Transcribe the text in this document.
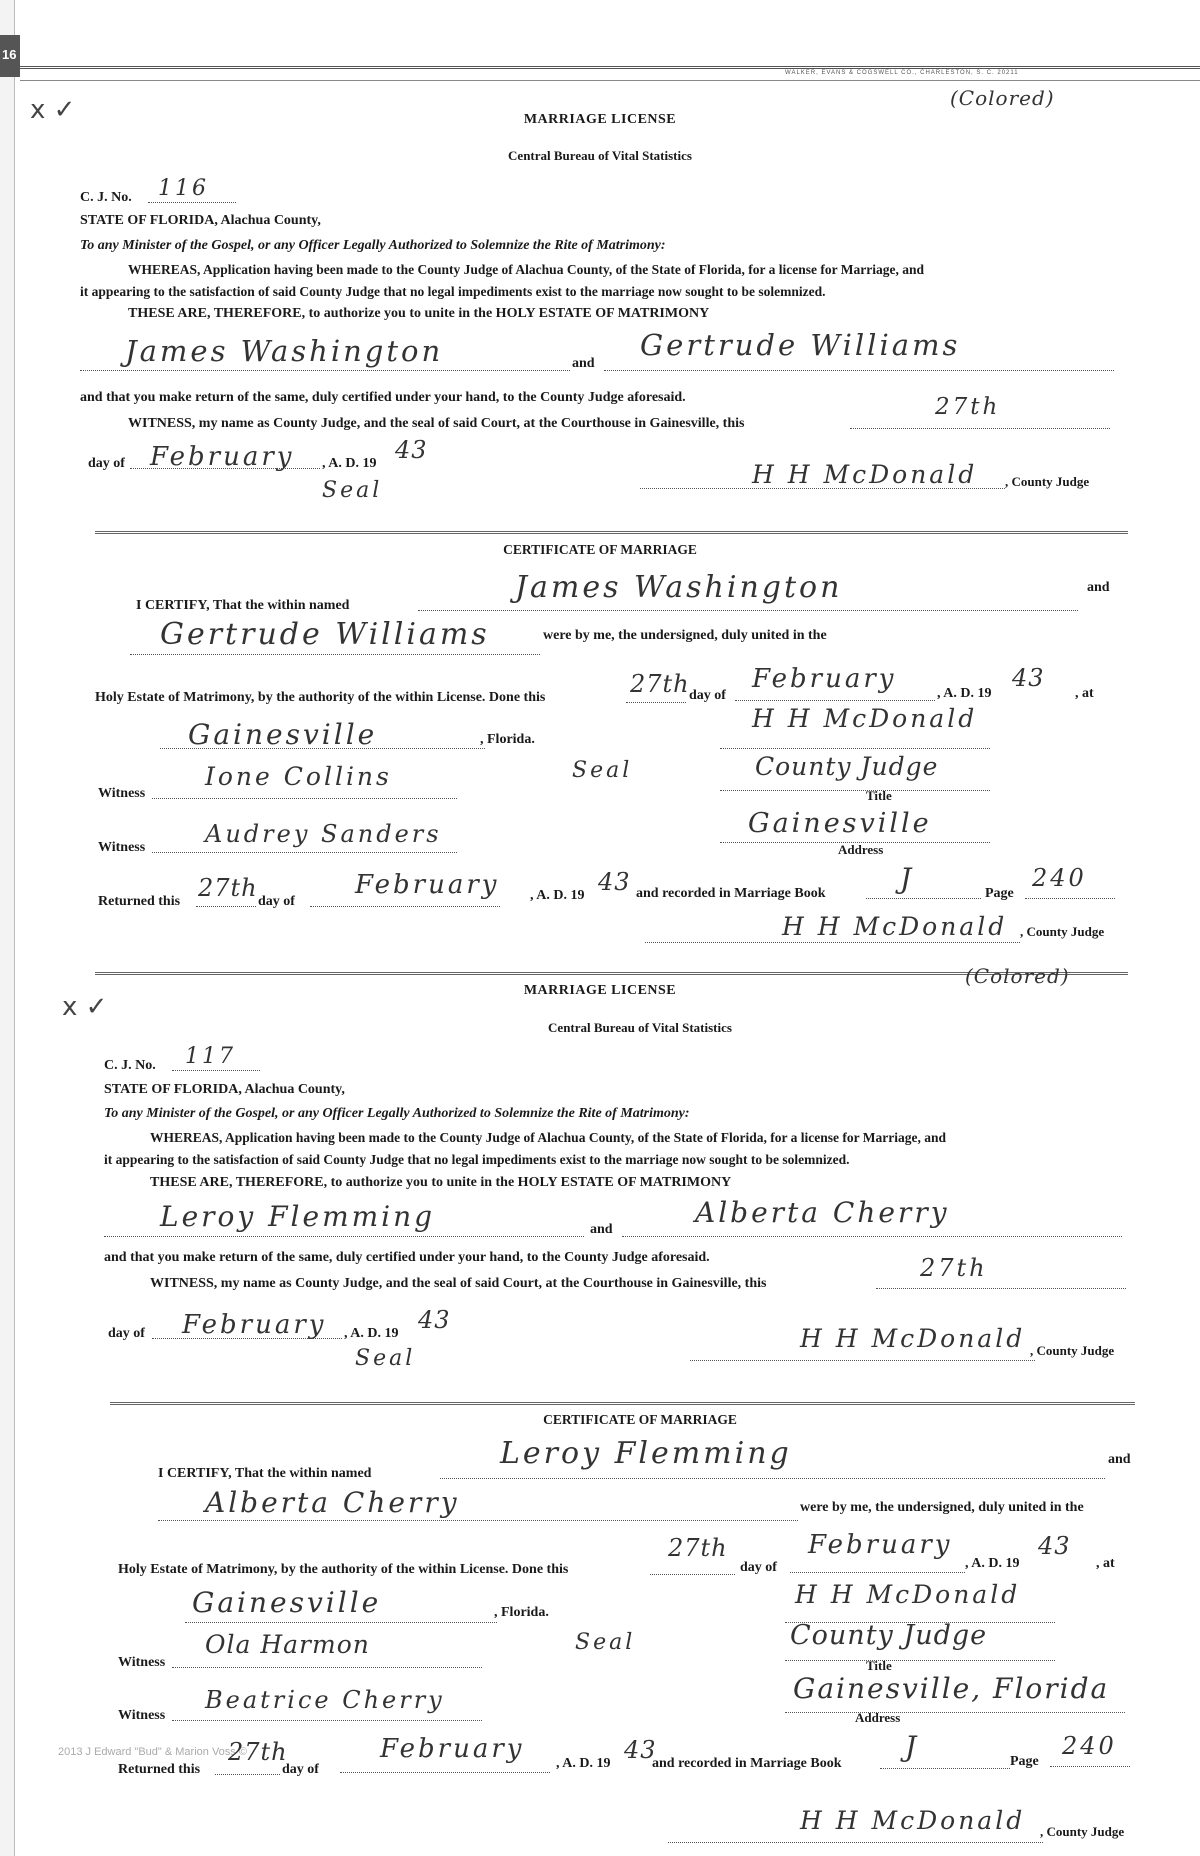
16
WALKER, EVANS & COGSWELL CO., CHARLESTON, S. C. 20211
x ✓	(Colored)
MARRIAGE LICENSE
Central Bureau of Vital Statistics
C. J. No. 116
STATE OF FLORIDA, Alachua County,
To any Minister of the Gospel, or any Officer Legally Authorized to Solemnize the Rite of Matrimony:
WHEREAS, Application having been made to the County Judge of Alachua County, of the State of Florida, for a license for Marriage, and
it appearing to the satisfaction of said County Judge that no legal impediments exist to the marriage now sought to be solemnized.
THESE ARE, THEREFORE, to authorize you to unite in the HOLY ESTATE OF MATRIMONY
James Washington	and
Gertrude Williams
and that you make return of the same, duly certified under your hand, to the County Judge aforesaid.
WITNESS, my name as County Judge, and the seal of said Court, at the Courthouse in Gainesville, this
27th
day of February , A. D. 19 43
Seal
H H McDonald , County Judge
CERTIFICATE OF MARRIAGE
I CERTIFY, That the within named
James Washington	and
Gertrude Williams	were by me, the undersigned, duly united in the
Holy Estate of Matrimony, by the authority of the within License. Done this	27th day of
February	, A. D. 19
43
, at
Gainesville	, Florida.
H H McDonald
Witness
Ione Collins	Seal	County Judge
Title
Witness Audrey Sanders	Gainesville
Address
Returned this 27th day of
February , A. D. 19 43 and recorded in Marriage Book	J	Page
240
H H McDonald , County Judge
x ✓
(Colored)
MARRIAGE LICENSE
Central Bureau of Vital Statistics
C. J. No. 117
STATE OF FLORIDA, Alachua County,
To any Minister of the Gospel, or any Officer Legally Authorized to Solemnize the Rite of Matrimony:
WHEREAS, Application having been made to the County Judge of Alachua County, of the State of Florida, for a license for Marriage, and
it appearing to the satisfaction of said County Judge that no legal impediments exist to the marriage now sought to be solemnized.
THESE ARE, THEREFORE, to authorize you to unite in the HOLY ESTATE OF MATRIMONY
Leroy Flemming	and
Alberta Cherry
and that you make return of the same, duly certified under your hand, to the County Judge aforesaid.
WITNESS, my name as County Judge, and the seal of said Court, at the Courthouse in Gainesville, this
27th
day of February , A. D. 19 43
Seal
H H McDonald , County Judge
CERTIFICATE OF MARRIAGE
I CERTIFY, That the within named
Leroy Flemming	and
Alberta Cherry	were by me, the undersigned, duly united in the
Holy Estate of Matrimony, by the authority of the within License. Done this
27th
day of
February
, A. D. 19
43
, at
Gainesville	, Florida.
H H McDonald
Witness
Ola Harmon	Seal	County Judge
Title
Witness
Beatrice Cherry	Gainesville, Florida
Address
2013 J Edward "Bud" & Marion Voss ©
Returned this
27th
day of
February , A. D. 19 43
and recorded in Marriage Book
J	Page
240
H H McDonald , County Judge
